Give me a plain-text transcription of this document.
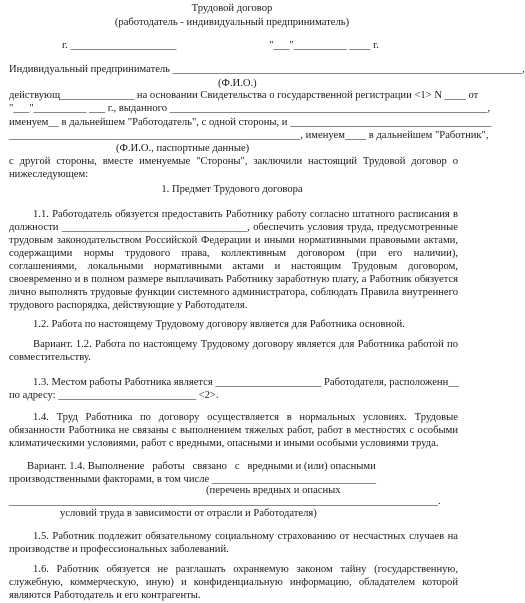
Трудовой договор
(работодатель - индивидуальный предприниматель)
г. ____________________                                   "___"__________ ____ г.
Индивидуальный предприниматель __________________________________________________________________,
(Ф.И.О.)
действующ______________ на основании Свидетельства о государственной регистрации <1> N ____ от
"___"__________ ___ г., выданного ____________________________________________________________,
именуем__ в дальнейшем "Работодатель", с одной стороны, и ______________________________________
_______________________________________________________, именуем____ в дальнейшем "Работник",
(Ф.И.О., паспортные данные)
с другой стороны, вместе именуемые "Стороны", заключили настоящий Трудовой договор о
нижеследующем:
1. Предмет Трудового договора
1.1. Работодатель обязуется предоставить Работнику работу согласно штатного расписания в
должности ___________________________________, обеспечить условия труда, предусмотренные
трудовым законодательством Российской Федерации и иными нормативными правовыми актами,
содержащими нормы трудового права, коллективным договором (при его наличии),
соглашениями, локальными нормативными актами и настоящим Трудовым договором,
своевременно и в полном размере выплачивать Работнику заработную плату, а Работник обязуется
лично выполнять трудовые функции системного администратора, соблюдать Правила внутреннего
трудового распорядка, действующие у Работодателя.
1.2. Работа по настоящему Трудовому договору является для Работника основной.
Вариант. 1.2. Работа по настоящему Трудовому договору является для Работника работой по
совместительству.
1.3. Местом работы Работника является ____________________ Работодателя, расположенн__
по адресу: __________________________ <2>.
1.4. Труд Работника по договору осуществляется в нормальных условиях. Трудовые
обязанности Работника не связаны с выполнением тяжелых работ, работ в местностях с особыми
климатическими условиями, работ с вредными, опасными и иными особыми условиями труда.
Вариант. 1.4. Выполнение   работы   связано   с   вредными и (или) опасными
производственными факторами, в том числе _______________________________
(перечень вредных и опасных
_________________________________________________________________________________.
условий труда в зависимости от отрасли и Работодателя)
1.5. Работник подлежит обязательному социальному страхованию от несчастных случаев на
производстве и профессиональных заболеваний.
1.6. Работник обязуется не разглашать охраняемую законом тайну (государственную,
служебную, коммерческую, иную) и конфиденциальную информацию, обладателем которой
являются Работодатель и его контрагенты.
